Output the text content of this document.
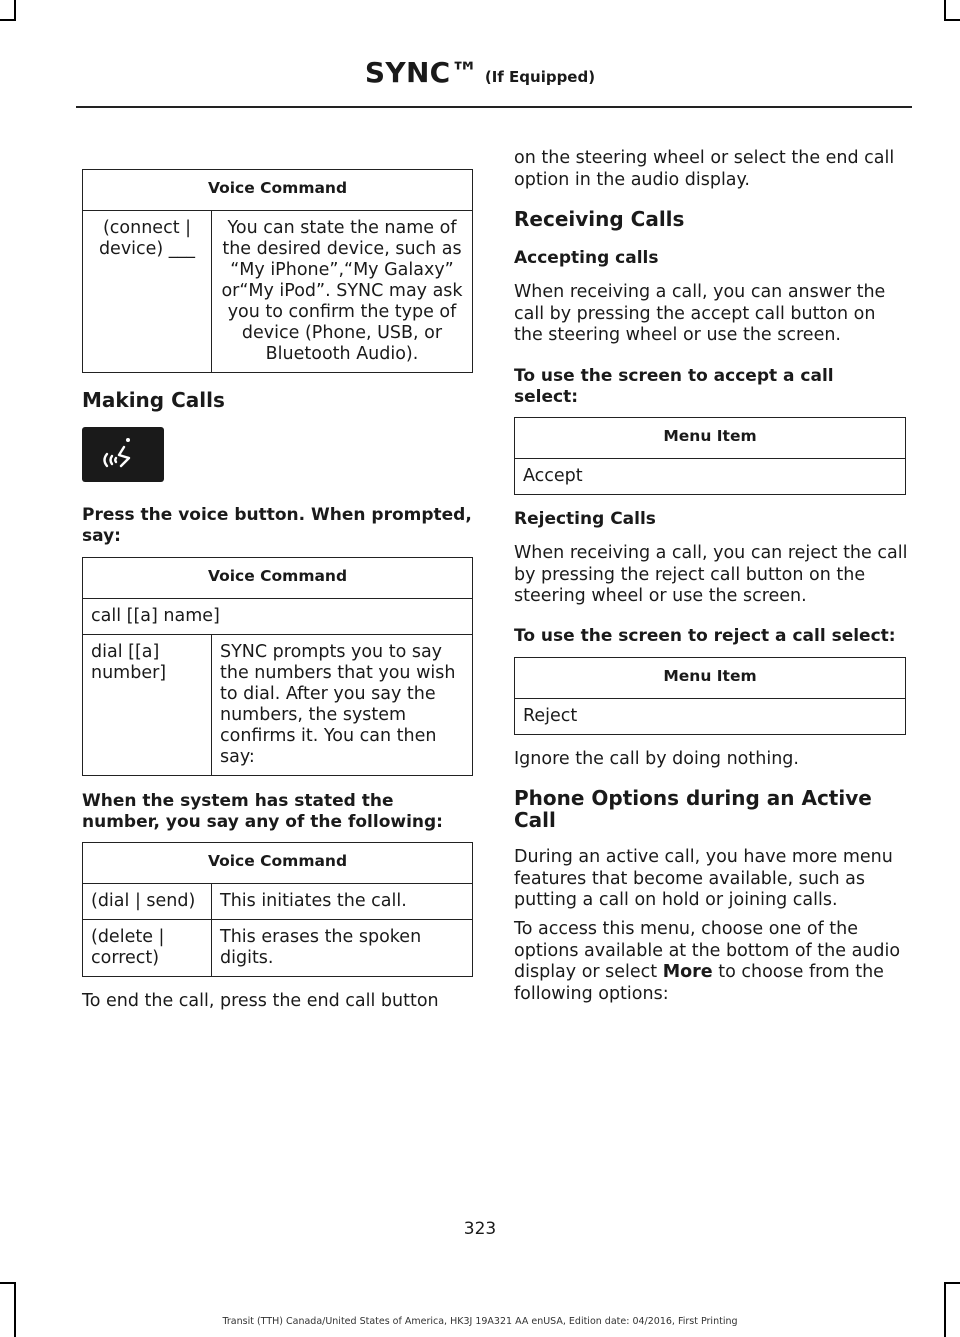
SYNC™ (If Equipped)
Voice Command
(connect | device) ___	You can state the name of the desired device, such as “My iPhone”,“My Galaxy” or“My iPod”. SYNC may ask you to confirm the type of device (Phone, USB, or Bluetooth Audio).
Making Calls
Press the voice button. When prompted, say:
Voice Command
call [[a] name]
dial [[a] number]	SYNC prompts you to say the numbers that you wish to dial. After you say the numbers, the system confirms it. You can then say:
When the system has stated the number, you say any of the following:
Voice Command	
(dial | send)	This initiates the call.
(delete | correct)	This erases the spoken digits.
To end the call, press the end call button
on the steering wheel or select the end call option in the audio display.
Receiving Calls
Accepting calls
When receiving a call, you can answer the call by pressing the accept call button on the steering wheel or use the screen.
To use the screen to accept a call select:
Menu Item
Accept
Rejecting Calls
When receiving a call, you can reject the call by pressing the reject call button on the steering wheel or use the screen.
To use the screen to reject a call select:
Menu Item
Reject
Ignore the call by doing nothing.
Phone Options during an Active Call
During an active call, you have more menu features that become available, such as putting a call on hold or joining calls.
To access this menu, choose one of the options available at the bottom of the audio display or select More to choose from the following options:
323
Transit (TTH) Canada/United States of America, HK3J 19A321 AA enUSA, Edition date: 04/2016, First Printing
